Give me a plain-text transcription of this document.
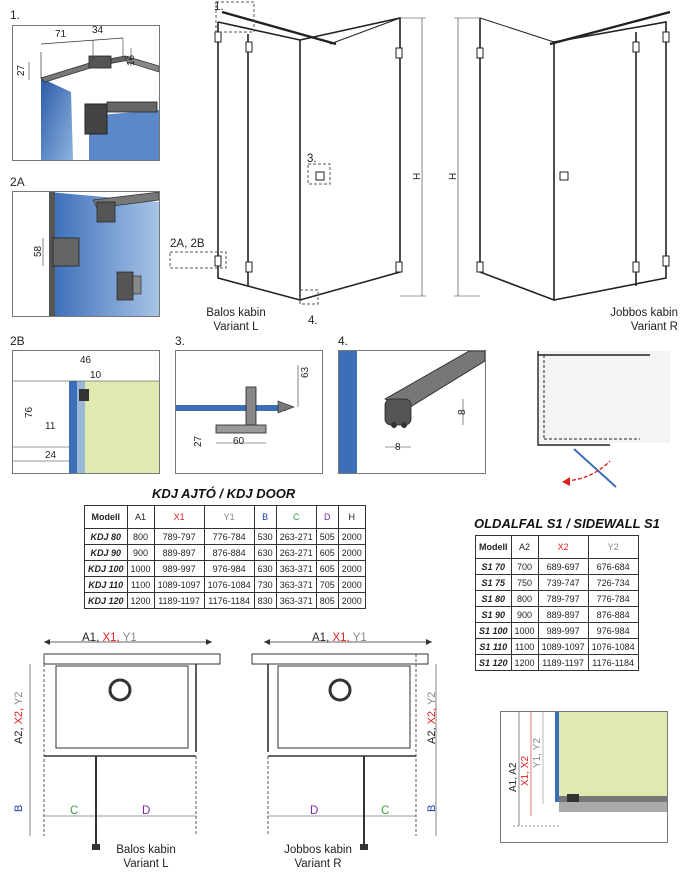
1.
71	34
16
27
2A
58
1.
3.
2A, 2B
4.
H
Balos kabin
Variant L
H
Jobbos kabin
Variant R
2B
46
10
76
11
24
3.
63
27	60
4.
8
8
KDJ AJTÓ / KDJ DOOR
Modell	A1	X1	Y1	B	C	D	H
KDJ 80	800	789-797	776-784	530	263-271	505	2000
KDJ 90	900	889-897	876-884	630	263-271	605	2000
KDJ 100	1000	989-997	976-984	630	363-371	605	2000
KDJ 110	1100	1089-1097	1076-1084	730	363-371	705	2000
KDJ 120	1200	1189-1197	1176-1184	830	363-371	805	2000
OLDALFAL S1 / SIDEWALL S1
Modell	A2	X2	Y2
S1 70	700	689-697	676-684
S1 75	750	739-747	726-734
S1 80	800	789-797	776-784
S1 90	900	889-897	876-884
S1 100	1000	989-997	976-984
S1 110	1100	1089-1097	1076-1084
S1 120	1200	1189-1197	1176-1184
A1, X1, Y1
C	D
B
A2, X2, Y2
Balos kabin
Variant L
A1, X1, Y1
D	C	B
A2, X2, Y2
Jobbos kabin
Variant R
A1, A2 X1, X2
Y1, Y2
